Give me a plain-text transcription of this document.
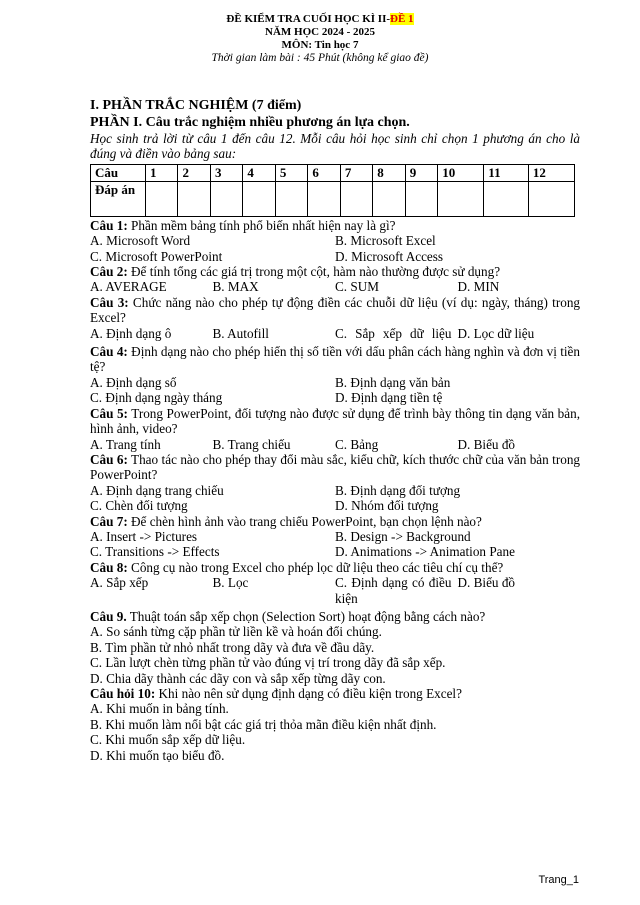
ĐỀ KIỂM TRA CUỐI HỌC KÌ II-ĐỀ 1
NĂM HỌC 2024 - 2025
MÔN: Tin học 7
Thời gian làm bài : 45 Phút (không kể giao đề)
I. PHẦN TRẮC NGHIỆM (7 điểm)
PHẦN I. Câu trắc nghiệm nhiều phương án lựa chọn.
Học sinh trả lời từ câu 1 đến câu 12. Mỗi câu hỏi học sinh chỉ chọn 1 phương án cho là đúng và điền vào bảng sau:
Câu	1	2	3	4	5	6	7	8	9	10	11	12
Đáp án												
Câu 1: Phần mềm bảng tính phổ biến nhất hiện nay là gì?
A. Microsoft Word	B. Microsoft Excel
C. Microsoft PowerPoint	D. Microsoft Access
Câu 2: Để tính tổng các giá trị trong một cột, hàm nào thường được sử dụng?
A. AVERAGE	B. MAX	C. SUM	D. MIN
Câu 3: Chức năng nào cho phép tự động điền các chuỗi dữ liệu (ví dụ: ngày, tháng) trong Excel?
A. Định dạng ô	B. Autofill	C. Sắp xếp dữ liệu D. Lọc dữ liệu
Câu 4: Định dạng nào cho phép hiển thị số tiền với dấu phân cách hàng nghìn và đơn vị tiền tệ?
A. Định dạng số	B. Định dạng văn bản
C. Định dạng ngày tháng	D. Định dạng tiền tệ
Câu 5: Trong PowerPoint, đối tượng nào được sử dụng để trình bày thông tin dạng văn bản, hình ảnh, video?
A. Trang tính	B. Trang chiếu	C. Bảng	D. Biểu đồ
Câu 6: Thao tác nào cho phép thay đổi màu sắc, kiểu chữ, kích thước chữ của văn bản trong PowerPoint?
A. Định dạng trang chiếu	B. Định dạng đối tượng
C. Chèn đối tượng	D. Nhóm đối tượng
Câu 7: Để chèn hình ảnh vào trang chiếu PowerPoint, bạn chọn lệnh nào?
A. Insert -> Pictures	B. Design -> Background
C. Transitions -> Effects	D. Animations -> Animation Pane
Câu 8: Công cụ nào trong Excel cho phép lọc dữ liệu theo các tiêu chí cụ thể?
A. Sắp xếp	B. Lọc	C. Định dạng có điều kiện
D. Biểu đồ
Câu 9. Thuật toán sắp xếp chọn (Selection Sort) hoạt động bằng cách nào?
A. So sánh từng cặp phần tử liền kề và hoán đổi chúng.
B. Tìm phần tử nhỏ nhất trong dãy và đưa về đầu dãy.
C. Lần lượt chèn từng phần tử vào đúng vị trí trong dãy đã sắp xếp.
D. Chia dãy thành các dãy con và sắp xếp từng dãy con.
Câu hỏi 10: Khi nào nên sử dụng định dạng có điều kiện trong Excel?
A. Khi muốn in bảng tính.
B. Khi muốn làm nổi bật các giá trị thỏa mãn điều kiện nhất định.
C. Khi muốn sắp xếp dữ liệu.
D. Khi muốn tạo biểu đồ.
Trang_1
